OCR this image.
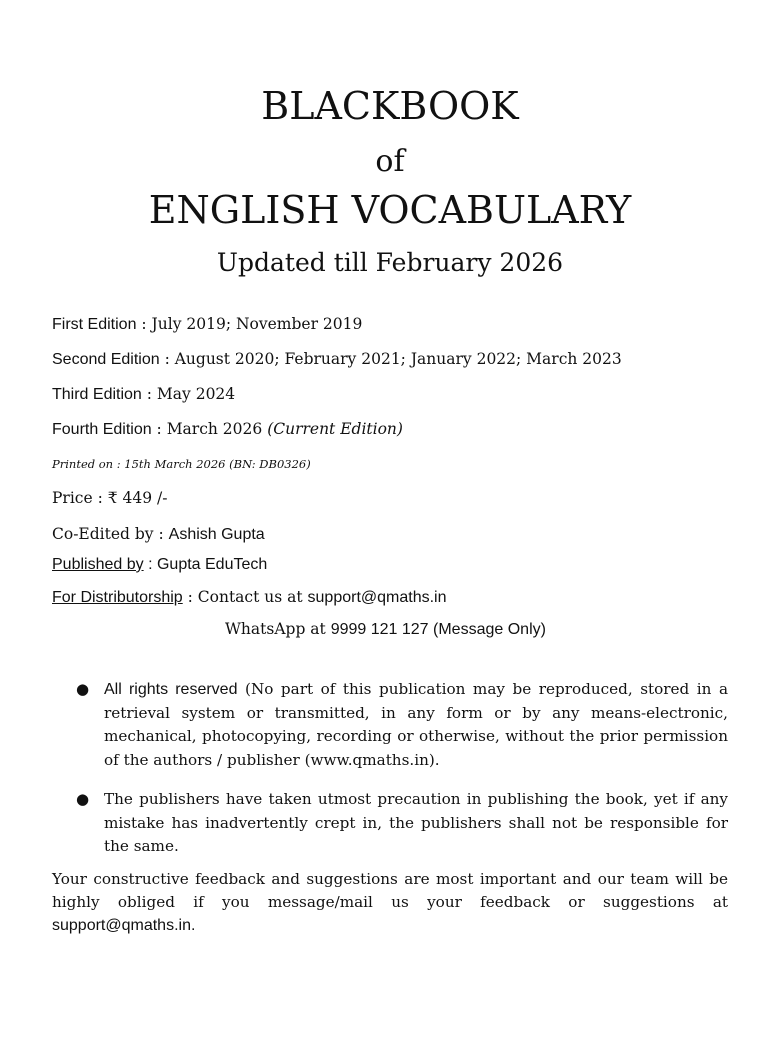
BLACKBOOK
of
ENGLISH VOCABULARY
Updated till February 2026
First Edition : July 2019; November 2019
Second Edition : August 2020; February 2021; January 2022; March 2023
Third Edition : May 2024
Fourth Edition : March 2026 (Current Edition)
Printed on : 15th March 2026 (BN: DB0326)
Price : ₹ 449 /-
Co-Edited by : Ashish Gupta
Published by : Gupta EduTech
For Distributorship : Contact us at support@qmaths.in
WhatsApp at 9999 121 127 (Message Only)
● All rights reserved (No part of this publication may be reproduced, stored in a retrieval system or transmitted, in any form or by any means-electronic, mechanical, photocopying, recording or otherwise, without the prior permission of the authors / publisher (www.qmaths.in).
● The publishers have taken utmost precaution in publishing the book, yet if any mistake has inadvertently crept in, the publishers shall not be responsible for the same.

Your constructive feedback and suggestions are most important and our team will be highly obliged if you message/mail us your feedback or suggestions at support@qmaths.in.
